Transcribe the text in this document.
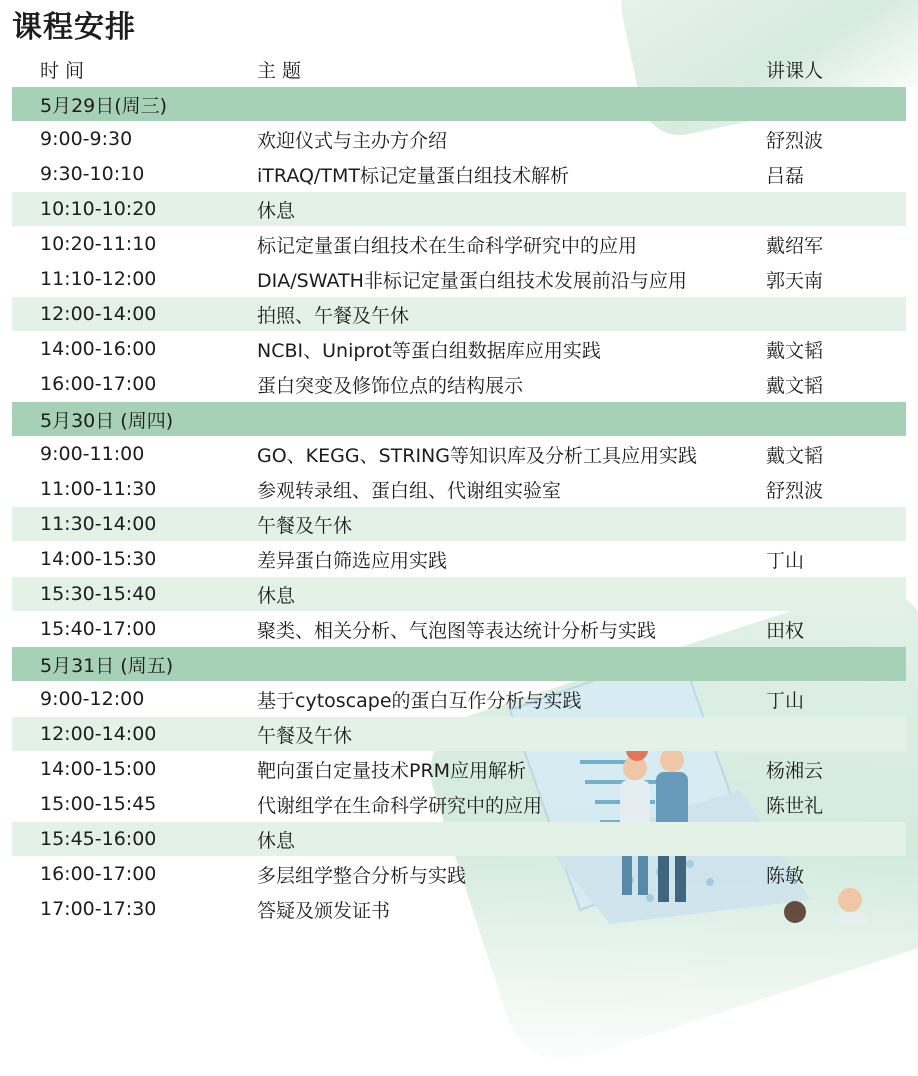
课程安排
时 间	主 题	讲课人
5月29日(周三)
9:00-9:30	欢迎仪式与主办方介绍	舒烈波
9:30-10:10	iTRAQ/TMT标记定量蛋白组技术解析	吕磊
10:10-10:20	休息
10:20-11:10	标记定量蛋白组技术在生命科学研究中的应用	戴绍军
11:10-12:00	DIA/SWATH非标记定量蛋白组技术发展前沿与应用	郭天南
12:00-14:00	拍照、午餐及午休
14:00-16:00	NCBI、Uniprot等蛋白组数据库应用实践	戴文韬
16:00-17:00	蛋白突变及修饰位点的结构展示	戴文韬
5月30日 (周四)
9:00-11:00	GO、KEGG、STRING等知识库及分析工具应用实践	戴文韬
11:00-11:30	参观转录组、蛋白组、代谢组实验室	舒烈波
11:30-14:00	午餐及午休
14:00-15:30	差异蛋白筛选应用实践	丁山
15:30-15:40	休息
15:40-17:00	聚类、相关分析、气泡图等表达统计分析与实践	田权
5月31日 (周五)
9:00-12:00	基于cytoscape的蛋白互作分析与实践	丁山
12:00-14:00	午餐及午休
14:00-15:00	靶向蛋白定量技术PRM应用解析	杨湘云
15:00-15:45	代谢组学在生命科学研究中的应用	陈世礼
15:45-16:00	休息
16:00-17:00	多层组学整合分析与实践	陈敏
17:00-17:30	答疑及颁发证书
